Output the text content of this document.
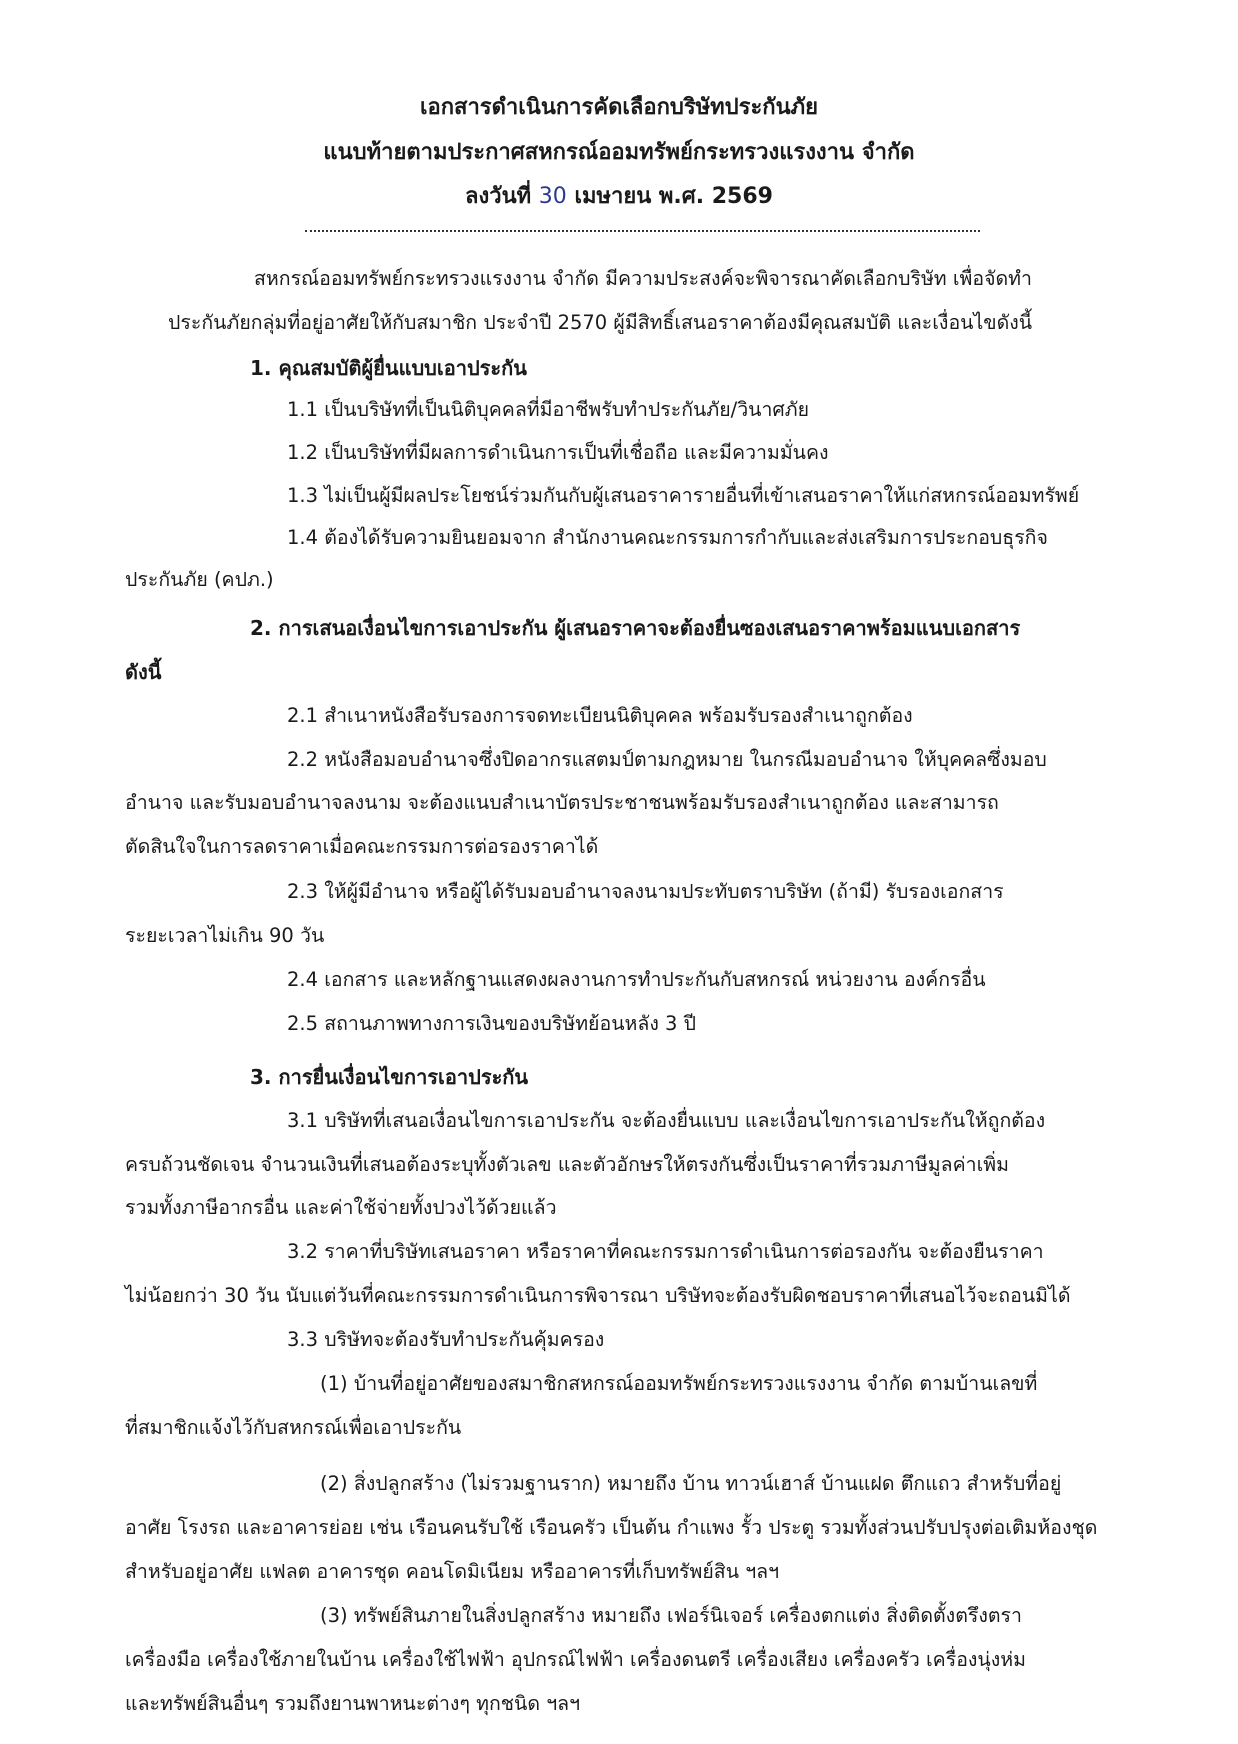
เอกสารดำเนินการคัดเลือกบริษัทประกันภัย
แนบท้ายตามประกาศสหกรณ์ออมทรัพย์กระทรวงแรงงาน จำกัด
ลงวันที่ 30 เมษายน พ.ศ. 2569
สหกรณ์ออมทรัพย์กระทรวงแรงงาน จำกัด มีความประสงค์จะพิจารณาคัดเลือกบริษัท เพื่อจัดทำ
ประกันภัยกลุ่มที่อยู่อาศัยให้กับสมาชิก ประจำปี 2570 ผู้มีสิทธิ์เสนอราคาต้องมีคุณสมบัติ และเงื่อนไขดังนี้
1. คุณสมบัติผู้ยื่นแบบเอาประกัน
1.1 เป็นบริษัทที่เป็นนิติบุคคลที่มีอาชีพรับทำประกันภัย/วินาศภัย
1.2 เป็นบริษัทที่มีผลการดำเนินการเป็นที่เชื่อถือ และมีความมั่นคง
1.3 ไม่เป็นผู้มีผลประโยชน์ร่วมกันกับผู้เสนอราคารายอื่นที่เข้าเสนอราคาให้แก่สหกรณ์ออมทรัพย์
1.4 ต้องได้รับความยินยอมจาก สำนักงานคณะกรรมการกำกับและส่งเสริมการประกอบธุรกิจ
ประกันภัย (คปภ.)
2. การเสนอเงื่อนไขการเอาประกัน ผู้เสนอราคาจะต้องยื่นซองเสนอราคาพร้อมแนบเอกสาร
ดังนี้
2.1 สำเนาหนังสือรับรองการจดทะเบียนนิติบุคคล พร้อมรับรองสำเนาถูกต้อง
2.2 หนังสือมอบอำนาจซึ่งปิดอากรแสตมป์ตามกฎหมาย ในกรณีมอบอำนาจ ให้บุคคลซึ่งมอบ
อำนาจ และรับมอบอำนาจลงนาม จะต้องแนบสำเนาบัตรประชาชนพร้อมรับรองสำเนาถูกต้อง และสามารถ
ตัดสินใจในการลดราคาเมื่อคณะกรรมการต่อรองราคาได้
2.3 ให้ผู้มีอำนาจ หรือผู้ได้รับมอบอำนาจลงนามประทับตราบริษัท (ถ้ามี) รับรองเอกสาร
ระยะเวลาไม่เกิน 90 วัน
2.4 เอกสาร และหลักฐานแสดงผลงานการทำประกันกับสหกรณ์ หน่วยงาน องค์กรอื่น
2.5 สถานภาพทางการเงินของบริษัทย้อนหลัง 3 ปี
3. การยื่นเงื่อนไขการเอาประกัน
3.1 บริษัทที่เสนอเงื่อนไขการเอาประกัน จะต้องยื่นแบบ และเงื่อนไขการเอาประกันให้ถูกต้อง
ครบถ้วนชัดเจน จำนวนเงินที่เสนอต้องระบุทั้งตัวเลข และตัวอักษรให้ตรงกันซึ่งเป็นราคาที่รวมภาษีมูลค่าเพิ่ม
รวมทั้งภาษีอากรอื่น และค่าใช้จ่ายทั้งปวงไว้ด้วยแล้ว
3.2 ราคาที่บริษัทเสนอราคา หรือราคาที่คณะกรรมการดำเนินการต่อรองกัน จะต้องยืนราคา
ไม่น้อยกว่า 30 วัน นับแต่วันที่คณะกรรมการดำเนินการพิจารณา บริษัทจะต้องรับผิดชอบราคาที่เสนอไว้จะถอนมิได้
3.3 บริษัทจะต้องรับทำประกันคุ้มครอง
(1) บ้านที่อยู่อาศัยของสมาชิกสหกรณ์ออมทรัพย์กระทรวงแรงงาน จำกัด ตามบ้านเลขที่
ที่สมาชิกแจ้งไว้กับสหกรณ์เพื่อเอาประกัน
(2) สิ่งปลูกสร้าง (ไม่รวมฐานราก) หมายถึง บ้าน ทาวน์เฮาส์ บ้านแฝด ตึกแถว สำหรับที่อยู่
อาศัย โรงรถ และอาคารย่อย เช่น เรือนคนรับใช้ เรือนครัว เป็นต้น กำแพง รั้ว ประตู รวมทั้งส่วนปรับปรุงต่อเติมห้องชุด
สำหรับอยู่อาศัย แฟลต อาคารชุด คอนโดมิเนียม หรืออาคารที่เก็บทรัพย์สิน ฯลฯ
(3) ทรัพย์สินภายในสิ่งปลูกสร้าง หมายถึง เฟอร์นิเจอร์ เครื่องตกแต่ง สิ่งติดตั้งตรึงตรา
เครื่องมือ เครื่องใช้ภายในบ้าน เครื่องใช้ไฟฟ้า อุปกรณ์ไฟฟ้า เครื่องดนตรี เครื่องเสียง เครื่องครัว เครื่องนุ่งห่ม
และทรัพย์สินอื่นๆ รวมถึงยานพาหนะต่างๆ ทุกชนิด ฯลฯ
